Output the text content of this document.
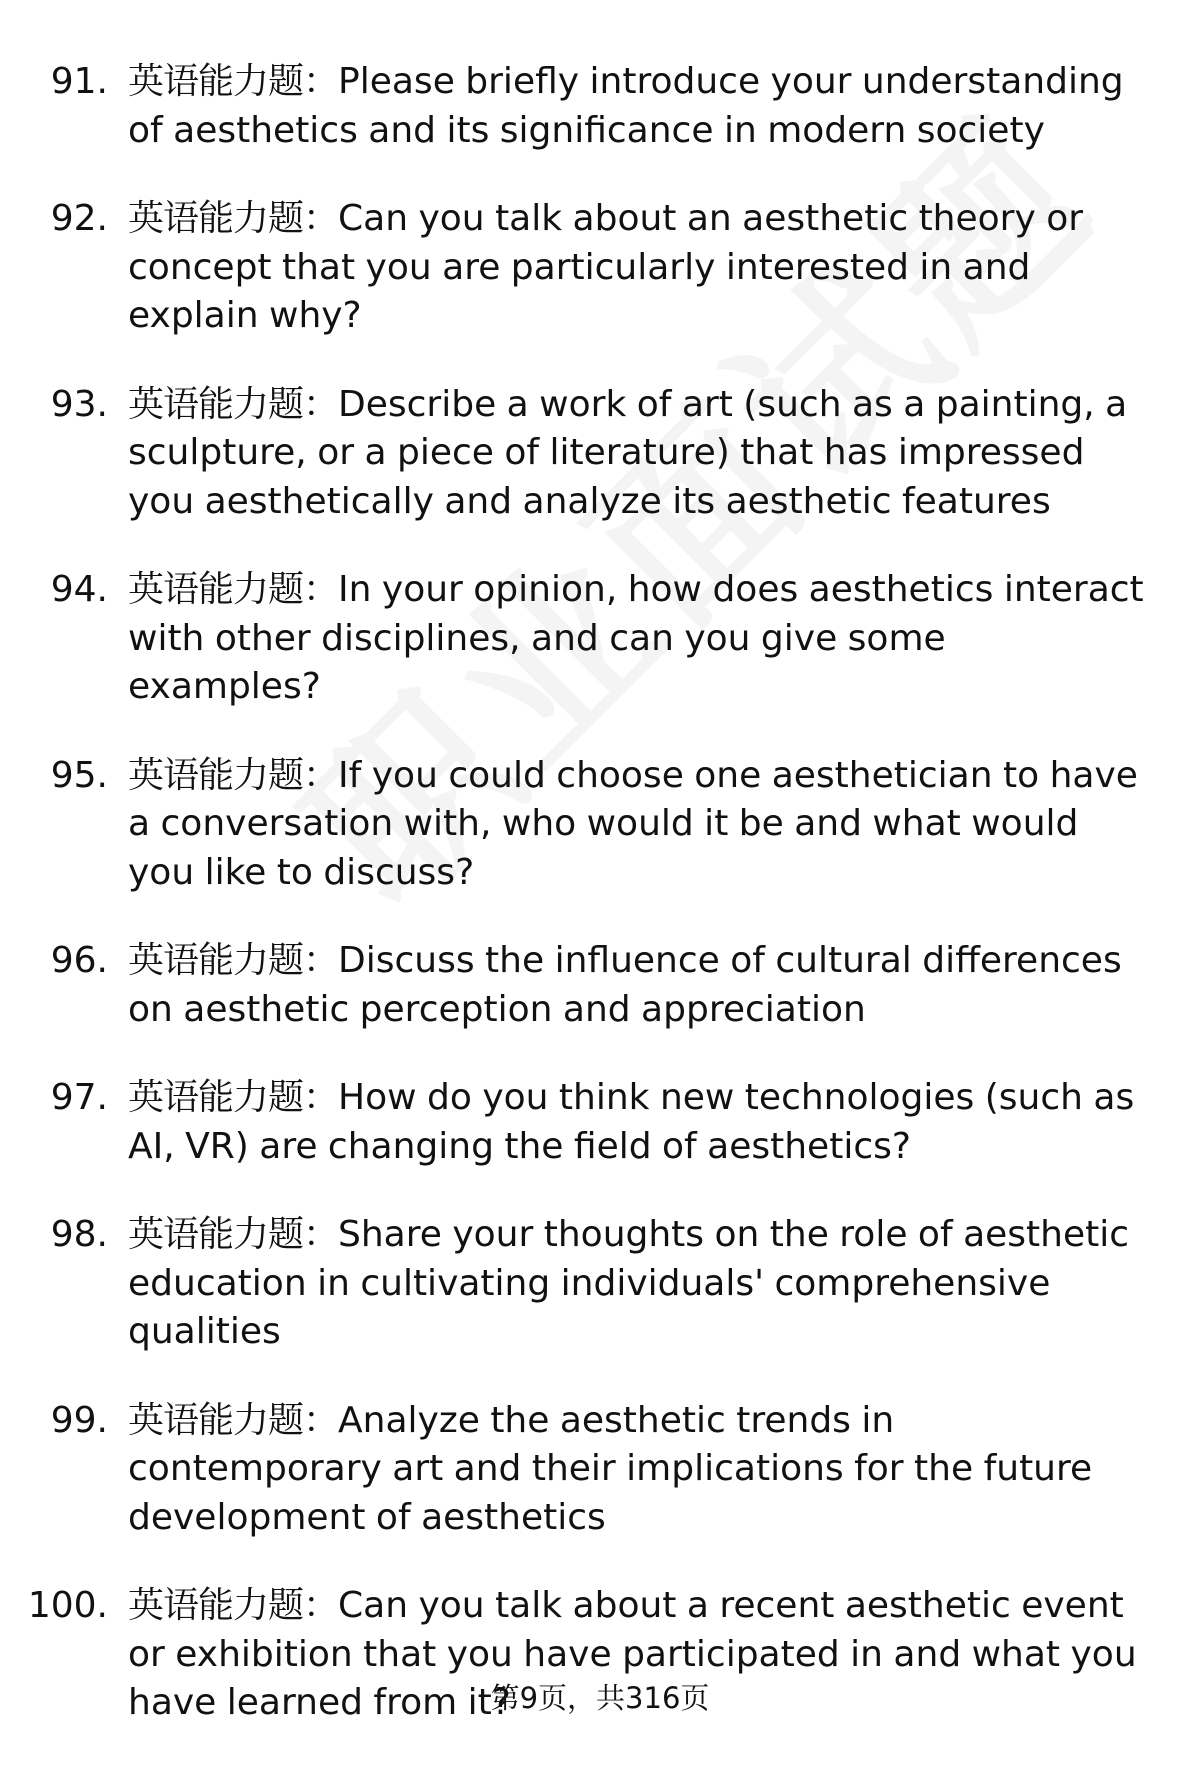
91. 英语能力题：Please briefly introduce your understanding of aesthetics and its significance in modern society
92. 英语能力题：Can you talk about an aesthetic theory or concept that you are particularly interested in and explain why?
93. 英语能力题：Describe a work of art (such as a painting, a sculpture, or a piece of literature) that has impressed you aesthetically and analyze its aesthetic features
94. 英语能力题：In your opinion, how does aesthetics interact with other disciplines, and can you give some examples?
95. 英语能力题：If you could choose one aesthetician to have a conversation with, who would it be and what would you like to discuss?
96. 英语能力题：Discuss the influence of cultural differences on aesthetic perception and appreciation
97. 英语能力题：How do you think new technologies (such as AI, VR) are changing the field of aesthetics?
98. 英语能力题：Share your thoughts on the role of aesthetic education in cultivating individuals' comprehensive qualities
99. 英语能力题：Analyze the aesthetic trends in contemporary art and their implications for the future development of aesthetics
100. 英语能力题：Can you talk about a recent aesthetic event or exhibition that you have participated in and what you have learned from it?
第9页，共316页
